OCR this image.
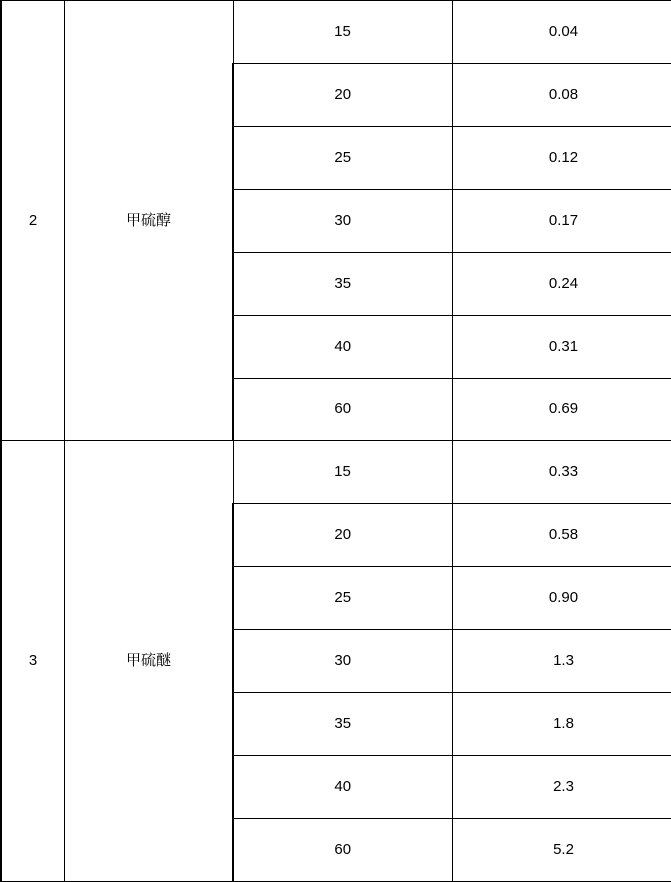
2	甲硫醇	15	0.04
		20	0.08
		25	0.12
		30	0.17
		35	0.24
		40	0.31
		60	0.69
3	甲硫醚	15	0.33
		20	0.58
		25	0.90
		30	1.3
		35	1.8
		40	2.3
		60	5.2
